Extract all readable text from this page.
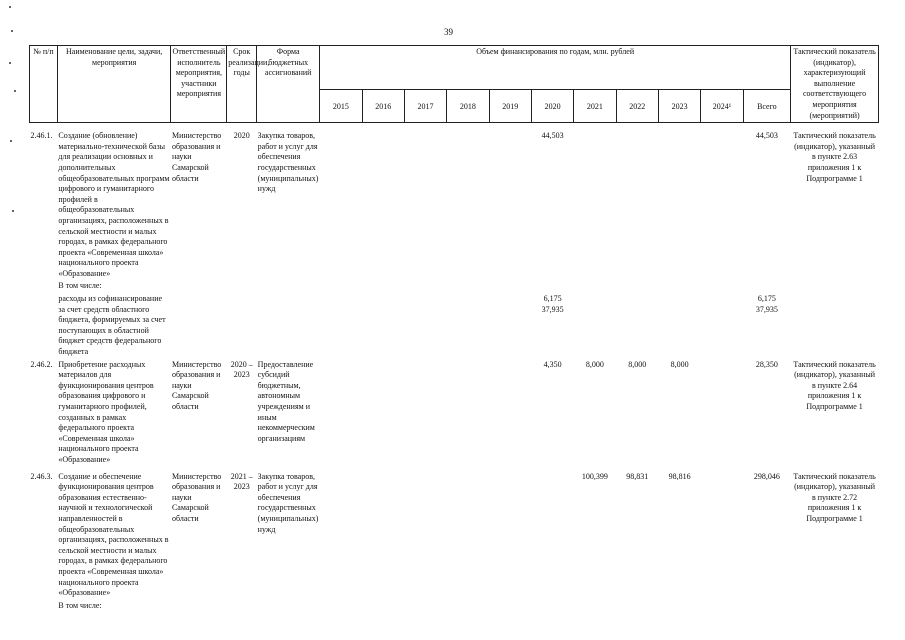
39
№ п/п	Наименование цели, задачи, мероприятия	Ответственный исполнитель мероприятия, участники мероприятия	Срок реализации, годы	Форма бюджетных ассигнований	Объем финансирования по годам, млн. рублей											Тактический показатель (индикатор), характеризующий выполнение соответствующего мероприятия (мероприятий)
					2015	2016	2017	2018	2019	2020	2021	2022	2023	2024¹	Всего	
2.46.1.	Создание (обновление) материально-технической базы для реализации основных и дополнительных общеобразовательных программ цифрового и гуманитарного профилей в общеобразовательных организациях, расположенных в сельской местности и малых городах, в рамках федерального проекта «Современная школа» национального проекта «Образование»	Министерство образования и науки Самарской области	2020	Закупка товаров, работ и услуг для обеспечения государственных (муниципальных) нужд						44,503					44,503	Тактический показатель (индикатор), указанный в пункте 2.63 приложения 1 к Подпрограмме 1
	В том числе:															
	расходы из софинансирование									6,175					6,175	
	за счет средств областного бюджета, формируемых за счет поступающих в областной бюджет средств федерального бюджета									37,935					37,935	
2.46.2.	Приобретение расходных материалов для функционирования центров образования цифрового и гуманитарного профилей, созданных в рамках федерального проекта «Современная школа» национального проекта «Образование»	Министерство образования и науки Самарской области	2020 – 2023	Предоставление субсидий бюджетным, автономным учреждениям и иным некоммерческим организациям						4,350	8,000	8,000	8,000		28,350	Тактический показатель (индикатор), указанный в пункте 2.64 приложения 1 к Подпрограмме 1
2.46.3.	Создание и обеспечение функционирования центров образования естественно-научной и технологической направленностей в общеобразовательных организациях, расположенных в сельской местности и малых городах, в рамках федерального проекта «Современная школа» национального проекта «Образование»	Министерство образования и науки Самарской области	2021 – 2023	Закупка товаров, работ и услуг для обеспечения государственных (муниципальных) нужд							100,399	98,831	98,816		298,046	Тактический показатель (индикатор), указанный в пункте 2.72 приложения 1 к Подпрограмме 1
	В том числе:															
